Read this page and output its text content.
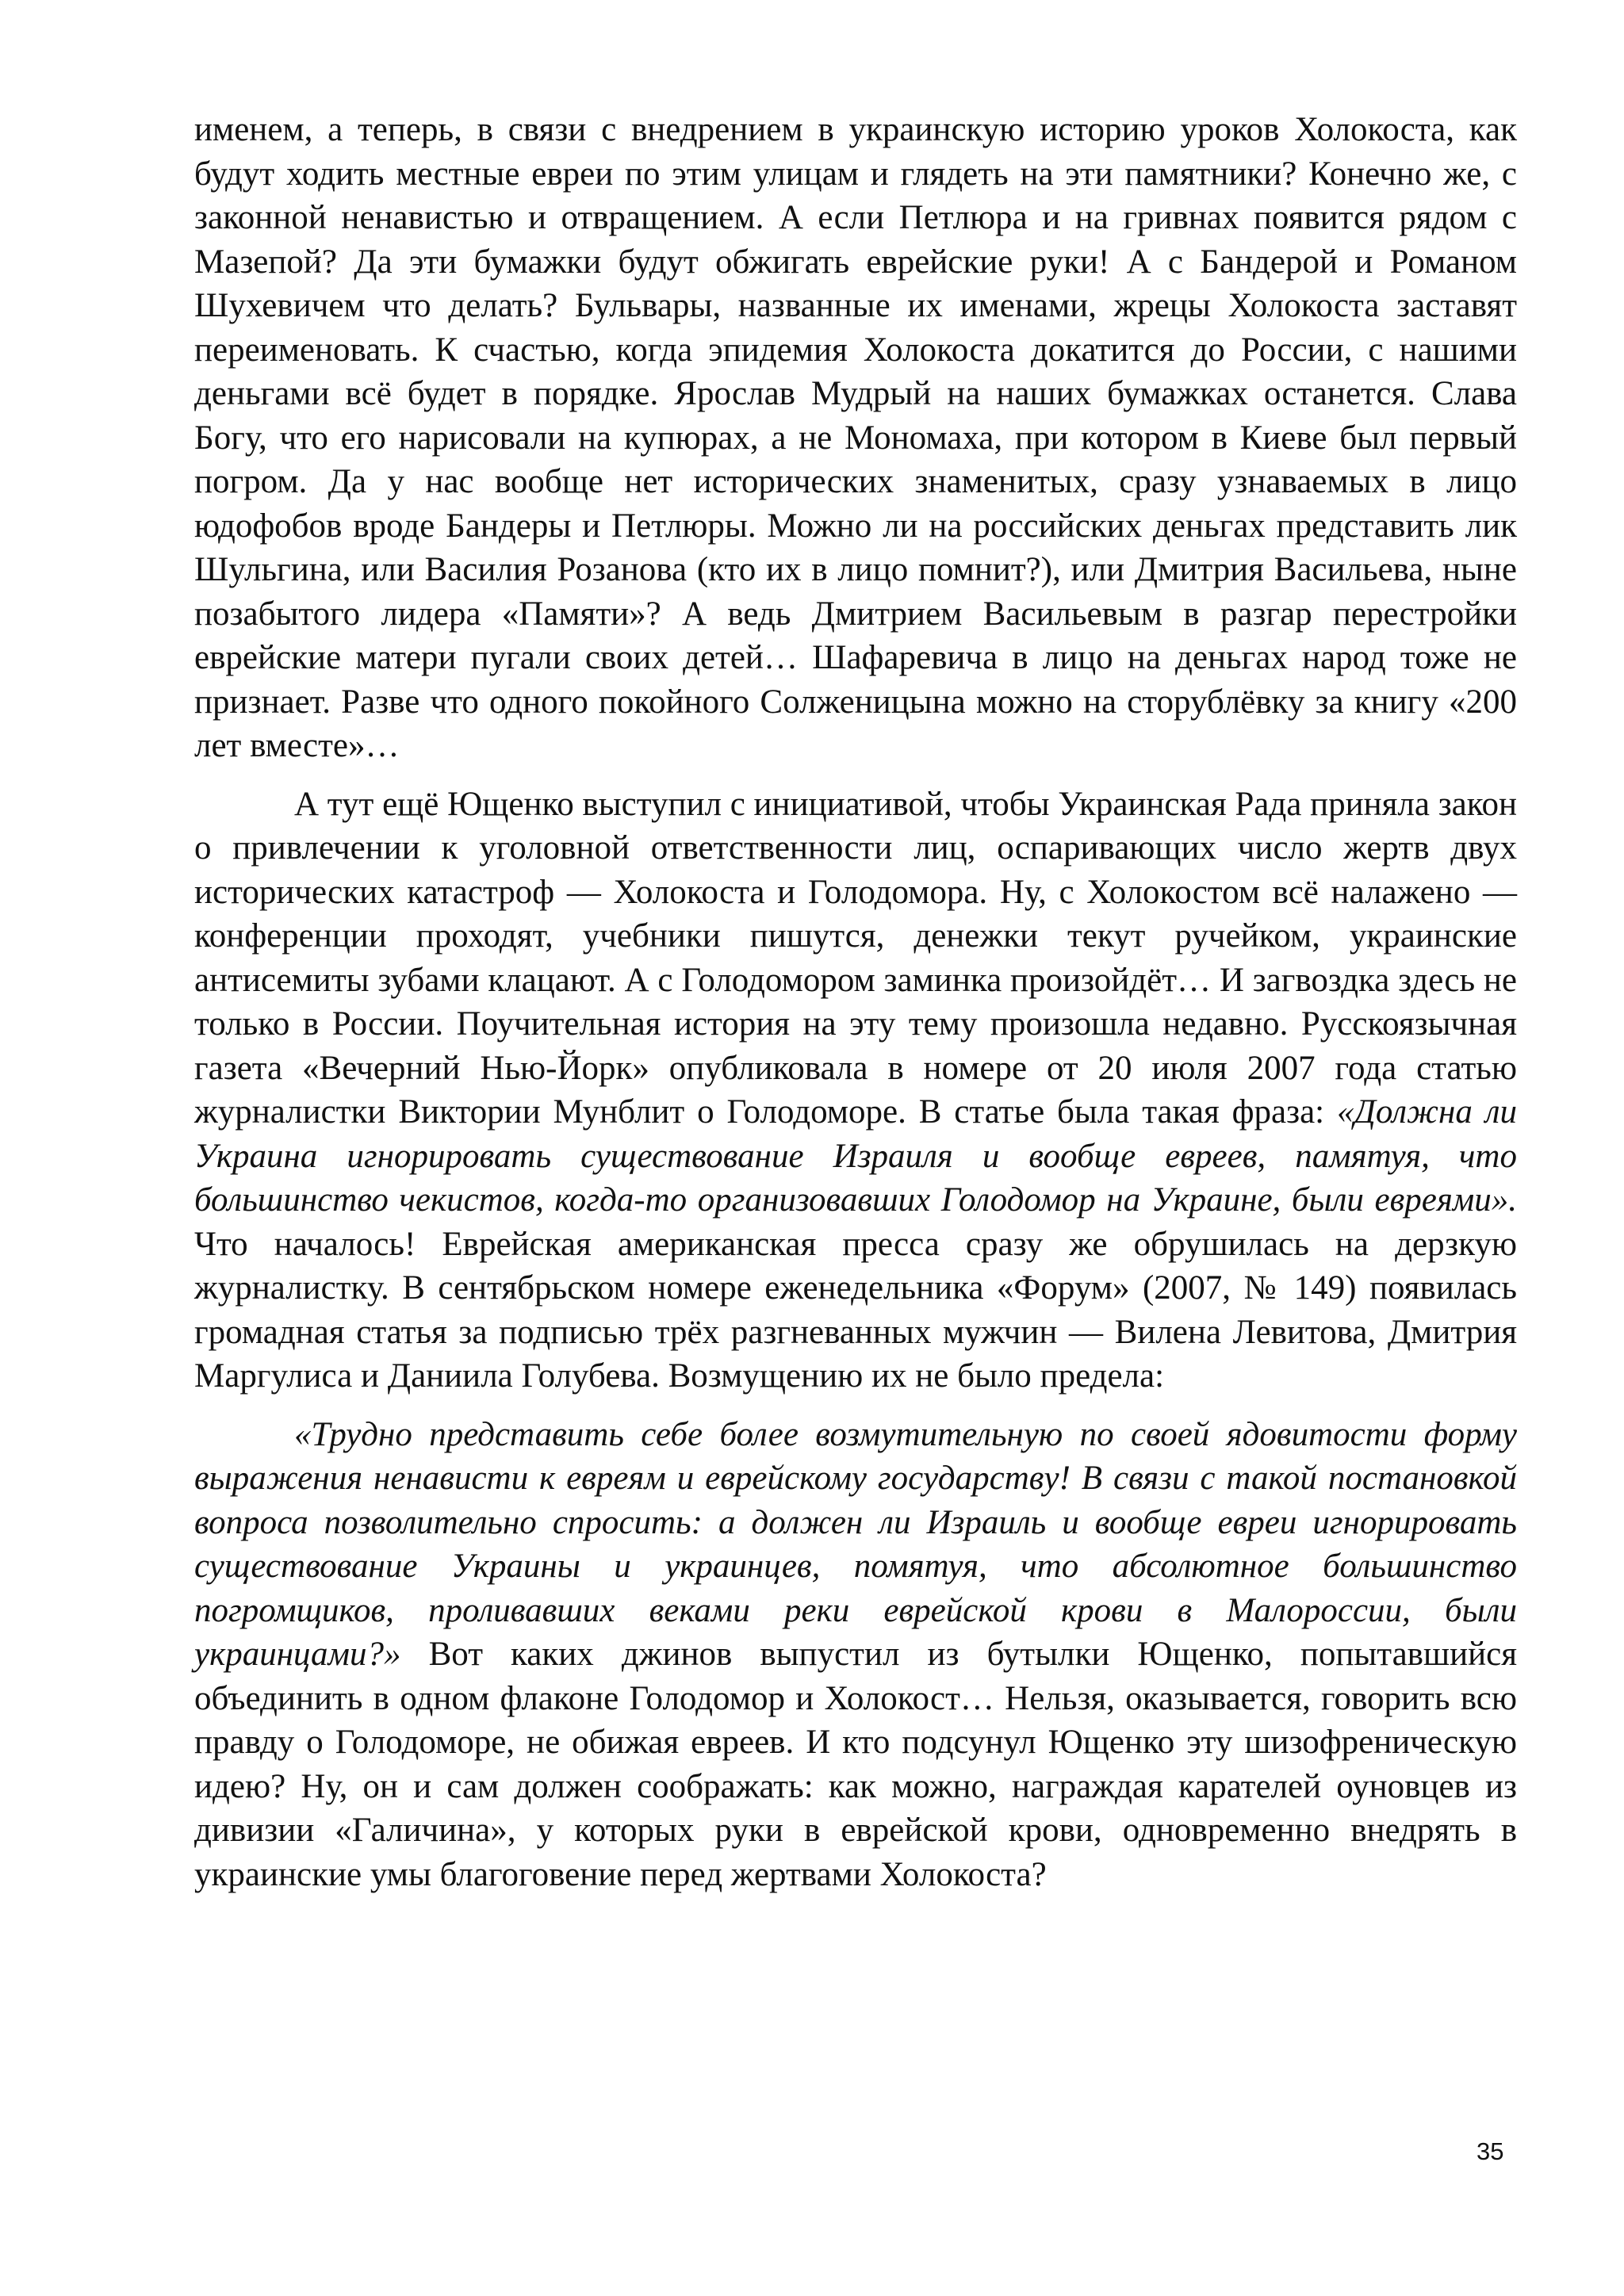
именем, а теперь, в связи с внедрением в украинскую историю уроков Холокоста, как будут ходить местные евреи по этим улицам и глядеть на эти памятники? Конечно же, с законной ненавистью и отвращением. А если Петлюра и на гривнах появится рядом с Мазепой? Да эти бумажки будут обжигать еврейские руки! А с Бандерой и Романом Шухевичем что делать? Бульвары, названные их именами, жрецы Холокоста заставят переименовать. К счастью, когда эпидемия Холокоста докатится до России, с нашими деньгами всё будет в порядке. Ярослав Мудрый на наших бумажках останется. Слава Богу, что его нарисовали на купюрах, а не Мономаха, при котором в Киеве был первый погром. Да у нас вообще нет исторических знаменитых, сразу узнаваемых в лицо юдофобов вроде Бандеры и Петлюры. Можно ли на российских деньгах представить лик Шульгина, или Василия Розанова (кто их в лицо помнит?), или Дмитрия Васильева, ныне позабытого лидера «Памяти»? А ведь Дмитрием Васильевым в разгар перестройки еврейские матери пугали своих детей… Шафаревича в лицо на деньгах народ тоже не признает. Разве что одного покойного Солженицына можно на сторублёвку за книгу «200 лет вместе»…

А тут ещё Ющенко выступил с инициативой, чтобы Украинская Рада приняла закон о привлечении к уголовной ответственности лиц, оспаривающих число жертв двух исторических катастроф — Холокоста и Голодомора. Ну, с Холокостом всё налажено — конференции проходят, учебники пишутся, денежки текут ручейком, украинские антисемиты зубами клацают. А с Голодомором заминка произойдёт… И загвоздка здесь не только в России. Поучительная история на эту тему произошла недавно. Русскоязычная газета «Вечерний Нью-Йорк» опубликовала в номере от 20 июля 2007 года статью журналистки Виктории Мунблит о Голодоморе. В статье была такая фраза: «Должна ли Украина игнорировать существование Израиля и вообще евреев, памятуя, что большинство чекистов, когда-то организовавших Голодомор на Украине, были евреями». Что началось! Еврейская американская пресса сразу же обрушилась на дерзкую журналистку. В сентябрьском номере еженедельника «Форум» (2007, № 149) появилась громадная статья за подписью трёх разгневанных мужчин — Вилена Левитова, Дмитрия Маргулиса и Даниила Голубева. Возмущению их не было предела:

«Трудно представить себе более возмутительную по своей ядовитости форму выражения ненависти к евреям и еврейскому государству! В связи с такой постановкой вопроса позволительно спросить: а должен ли Израиль и вообще евреи игнорировать существование Украины и украинцев, помятуя, что абсолютное большинство погромщиков, проливавших веками реки еврейской крови в Малороссии, были украинцами?» Вот каких джинов выпустил из бутылки Ющенко, попытавшийся объединить в одном флаконе Голодомор и Холокост… Нельзя, оказывается, говорить всю правду о Голодоморе, не обижая евреев. И кто подсунул Ющенко эту шизофреническую идею? Ну, он и сам должен соображать: как можно, награждая карателей оуновцев из дивизии «Галичина», у которых руки в еврейской крови, одновременно внедрять в украинские умы благоговение перед жертвами Холокоста?

35
